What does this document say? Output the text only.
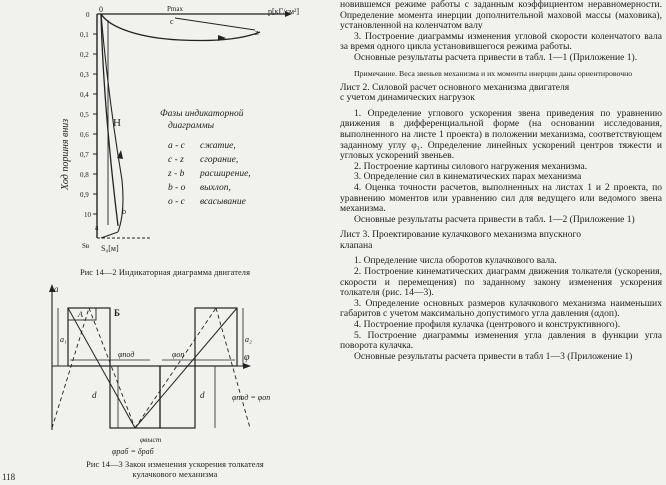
0
0,1
0,2
0,3
0,4
0,5
0,6
0,7
0,8
0,9
10
Ход поршня вниз	Н
0
c
z
b
a
Pmax	р[кГ/см²]
S₀[м]
Sв
Фазы индикаторной
диаграммы
a - c сжатие,
c - z сгорание,
z - b расширение,
b - o выхлоп,
o - c всасывание
Рис 14—2 Индикаторная диаграмма двигателя
a
φ
A	Б
a₁	a₂
d	d
φпод	φоп
φвыст
φраб = δраб
φпод = φоп
Рис 14—3 Закон изменения ускорения толкателя
кулачкового механизма
118

новившемся режиме работы с заданным коэффициентом неравномерности. Определение момента инерции дополнительной маховой массы (маховика), установленной на коленчатом валу

3. Построение диаграммы изменения угловой скорости коленчатого вала за время одного цикла установившегося режима работы.

Основные результаты расчета привести в табл. 1—1 (Приложение 1).

Примечание. Веса звеньев механизма и их моменты инерции даны ориентировочно

Лист 2. Силовой расчет основного механизма двигателя
с учетом динамических нагрузок

1. Определение углового ускорения звена приведения по уравнению движения в дифференциальной форме (на основании исследования, выполненного на листе 1 проекта) в положении механизма, соответствующем заданному углу φ₁. Определение линейных ускорений центров тяжести и угловых ускорений звеньев.

2. Построение картины силового нагружения механизма.

3. Определение сил в кинематических парах механизма

4. Оценка точности расчетов, выполненных на листах 1 и 2 проекта, по уравнению моментов или уравнению сил для ведущего или ведомого звена механизма.

Основные результаты расчета привести в табл. 1—2 (Приложение 1)

Лист 3. Проектирование кулачкового механизма впускного
клапана

1. Определение числа оборотов кулачкового вала.

2. Построение кинематических диаграмм движения толкателя (ускорения, скорости и перемещения) по заданному закону изменения ускорения толкателя (рис. 14—3).

3. Определение основных размеров кулачкового механизма наименьших габаритов с учетом максимально допустимого угла давления (αдоп).

4. Построение профиля кулачка (центрового и конструктивного).

5. Построение диаграммы изменения угла давления в функции угла поворота кулачка.

Основные результаты расчета привести в табл 1—3 (Приложение 1)
